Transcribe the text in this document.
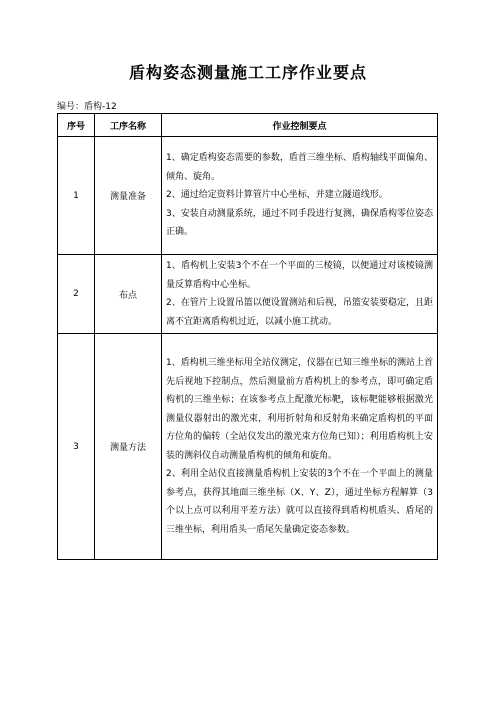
盾构姿态测量施工工序作业要点
编号：盾构-12
序号	工序名称	作业控制要点
1	测量准备	1、确定盾构姿态需要的参数，盾首三维坐标、盾构轴线平面偏角、倾角、旋角。
2、通过给定资料计算管片中心坐标，并建立隧道线形。
3、安装自动测量系统，通过不同手段进行复测，确保盾构零位姿态正确。

2	布点	1、盾构机上安装3个不在一个平面的三棱镜，以便通过对该棱镜测量反算盾构中心坐标。
2、在管片上设置吊篮以便设置测站和后视，吊篮安装要稳定，且距离不宜距离盾构机过近，以减小施工扰动。

3	测量方法	1、盾构机三维坐标用全站仪测定，仪器在已知三维坐标的测站上首先后视地下控制点，然后测量前方盾构机上的参考点，即可确定盾构机的三维坐标；在该参考点上配激光标靶，该标靶能够根据激光测量仪器射出的激光束，利用折射角和反射角来确定盾构机的平面方位角的偏转（全站仪发出的激光束方位角已知）；利用盾构机上安装的测斜仪自动测量盾构机的倾角和旋角。
2、利用全站仪直接测量盾构机上安装的3个不在一个平面上的测量参考点，获得其地面三维坐标（X、Y、Z），通过坐标方程解算（3个以上点可以利用平差方法）就可以直接得到盾构机盾头、盾尾的三维坐标，利用盾头一盾尾矢量确定姿态参数。
